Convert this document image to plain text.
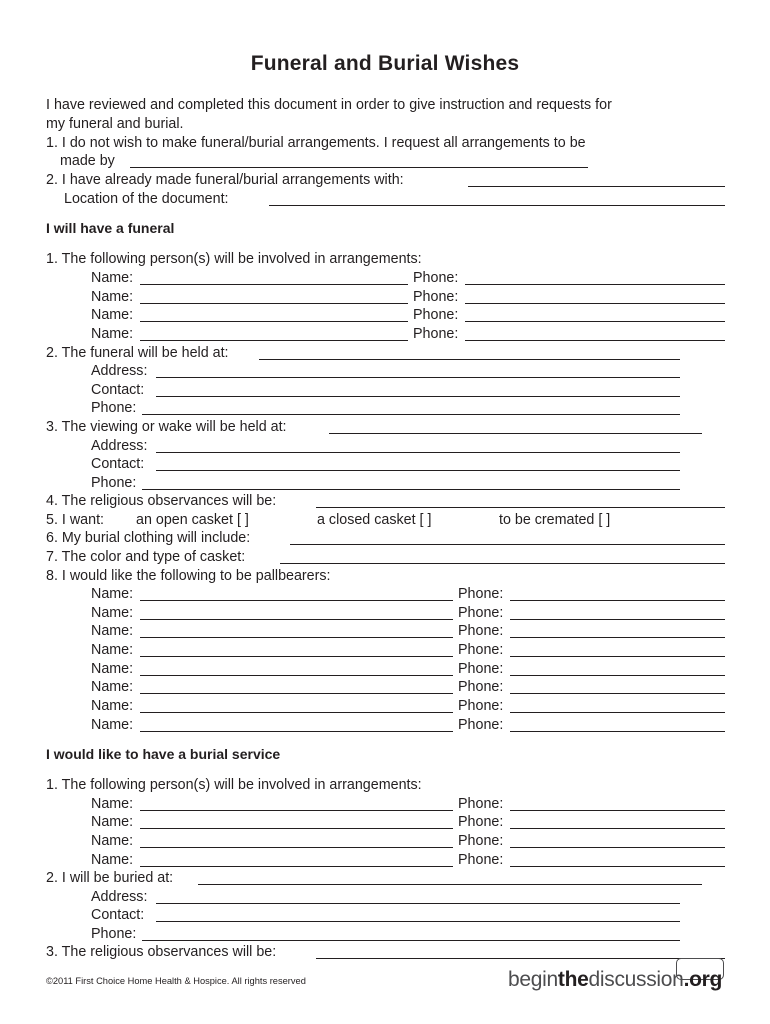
Funeral and Burial Wishes
I have reviewed and completed this document in order to give instruction and requests for
my funeral and burial.
1. I do not wish to make funeral/burial arrangements. I request all arrangements to be
made by
2. I have already made funeral/burial arrangements with:
Location of the document:
I will have a funeral
1. The following person(s) will be involved in arrangements:
Name:	Phone:
Name:	Phone:
Name:	Phone:
Name:	Phone:
2. The funeral will be held at:
Address:
Contact:
Phone:
3. The viewing or wake will be held at:
Address:
Contact:
Phone:
4. The religious observances will be:
5. I want: an open casket [ ]	a closed casket [ ]	to be cremated [ ]
6. My burial clothing will include:
7. The color and type of casket:
8. I would like the following to be pallbearers:
Name:	Phone:
Name:	Phone:
Name:	Phone:
Name:	Phone:
Name:	Phone:
Name:	Phone:
Name:	Phone:
Name:	Phone:
I would like to have a burial service
1. The following person(s) will be involved in arrangements:
Name:	Phone:
Name:	Phone:
Name:	Phone:
Name:	Phone:
2. I will be buried at:
Address:
Contact:
Phone:
3. The religious observances will be:
©2011 First Choice Home Health & Hospice. All rights reserved	beginthediscussion.org
